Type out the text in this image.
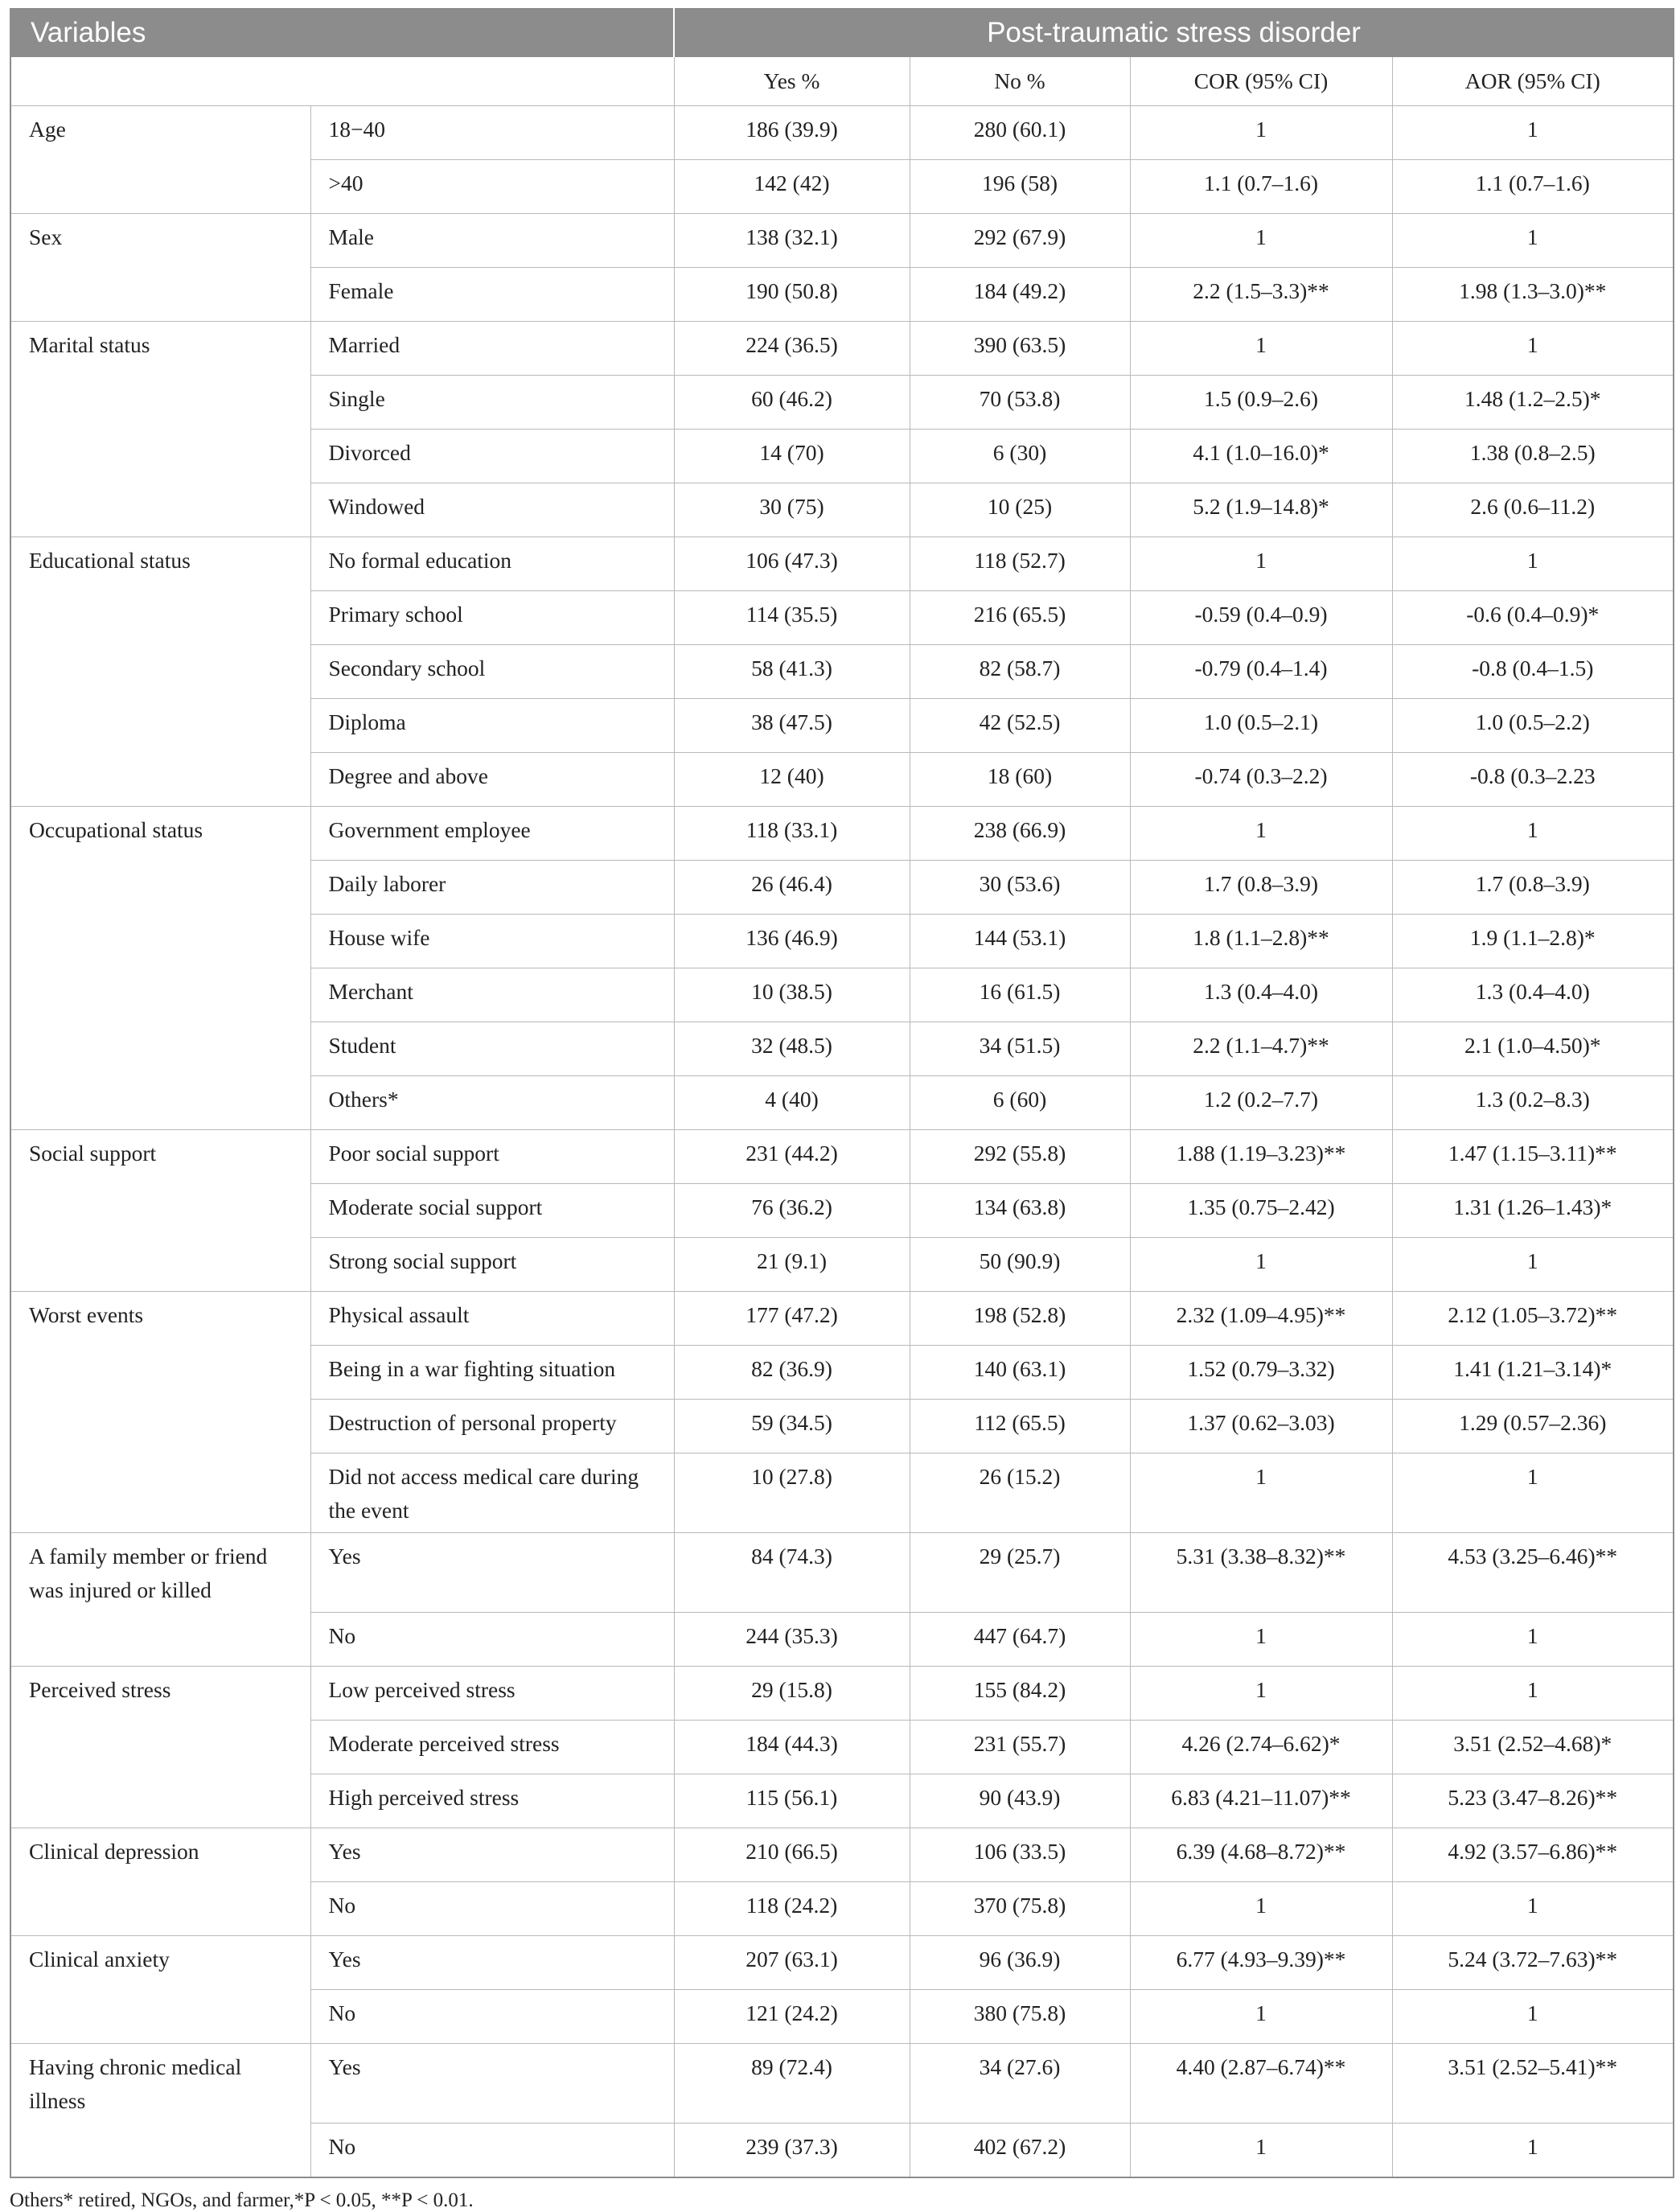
Variables		Post-traumatic stress disorder			
		Yes %	No %	COR (95% CI)	AOR (95% CI)
Age	18−40	186 (39.9)	280 (60.1)	1	1
	>40	142 (42)	196 (58)	1.1 (0.7–1.6)	1.1 (0.7–1.6)
Sex	Male	138 (32.1)	292 (67.9)	1	1
	Female	190 (50.8)	184 (49.2)	2.2 (1.5–3.3)**	1.98 (1.3–3.0)**
Marital status	Married	224 (36.5)	390 (63.5)	1	1
	Single	60 (46.2)	70 (53.8)	1.5 (0.9–2.6)	1.48 (1.2–2.5)*
	Divorced	14 (70)	6 (30)	4.1 (1.0–16.0)*	1.38 (0.8–2.5)
	Windowed	30 (75)	10 (25)	5.2 (1.9–14.8)*	2.6 (0.6–11.2)
Educational status	No formal education	106 (47.3)	118 (52.7)	1	1
	Primary school	114 (35.5)	216 (65.5)	-0.59 (0.4–0.9)	-0.6 (0.4–0.9)*
	Secondary school	58 (41.3)	82 (58.7)	-0.79 (0.4–1.4)	-0.8 (0.4–1.5)
	Diploma	38 (47.5)	42 (52.5)	1.0 (0.5–2.1)	1.0 (0.5–2.2)
	Degree and above	12 (40)	18 (60)	-0.74 (0.3–2.2)	-0.8 (0.3–2.23
Occupational status	Government employee	118 (33.1)	238 (66.9)	1	1
	Daily laborer	26 (46.4)	30 (53.6)	1.7 (0.8–3.9)	1.7 (0.8–3.9)
	House wife	136 (46.9)	144 (53.1)	1.8 (1.1–2.8)**	1.9 (1.1–2.8)*
	Merchant	10 (38.5)	16 (61.5)	1.3 (0.4–4.0)	1.3 (0.4–4.0)
	Student	32 (48.5)	34 (51.5)	2.2 (1.1–4.7)**	2.1 (1.0–4.50)*
	Others*	4 (40)	6 (60)	1.2 (0.2–7.7)	1.3 (0.2–8.3)
Social support	Poor social support	231 (44.2)	292 (55.8)	1.88 (1.19–3.23)**	1.47 (1.15–3.11)**
	Moderate social support	76 (36.2)	134 (63.8)	1.35 (0.75–2.42)	1.31 (1.26–1.43)*
	Strong social support	21 (9.1)	50 (90.9)	1	1
Worst events	Physical assault	177 (47.2)	198 (52.8)	2.32 (1.09–4.95)**	2.12 (1.05–3.72)**
	Being in a war fighting situation	82 (36.9)	140 (63.1)	1.52 (0.79–3.32)	1.41 (1.21–3.14)*
	Destruction of personal property	59 (34.5)	112 (65.5)	1.37 (0.62–3.03)	1.29 (0.57–2.36)
	Did not access medical care during the event	10 (27.8)	26 (15.2)	1	1
A family member or friend was injured or killed	Yes	84 (74.3)	29 (25.7)	5.31 (3.38–8.32)**	4.53 (3.25–6.46)**
	No	244 (35.3)	447 (64.7)	1	1
Perceived stress	Low perceived stress	29 (15.8)	155 (84.2)	1	1
	Moderate perceived stress	184 (44.3)	231 (55.7)	4.26 (2.74–6.62)*	3.51 (2.52–4.68)*
	High perceived stress	115 (56.1)	90 (43.9)	6.83 (4.21–11.07)**	5.23 (3.47–8.26)**
Clinical depression	Yes	210 (66.5)	106 (33.5)	6.39 (4.68–8.72)**	4.92 (3.57–6.86)**
	No	118 (24.2)	370 (75.8)	1	1
Clinical anxiety	Yes	207 (63.1)	96 (36.9)	6.77 (4.93–9.39)**	5.24 (3.72–7.63)**
	No	121 (24.2)	380 (75.8)	1	1
Having chronic medical illness	Yes	89 (72.4)	34 (27.6)	4.40 (2.87–6.74)**	3.51 (2.52–5.41)**
	No	239 (37.3)	402 (67.2)	1	1
Others* retired, NGOs, and farmer,*P < 0.05, **P < 0.01.
